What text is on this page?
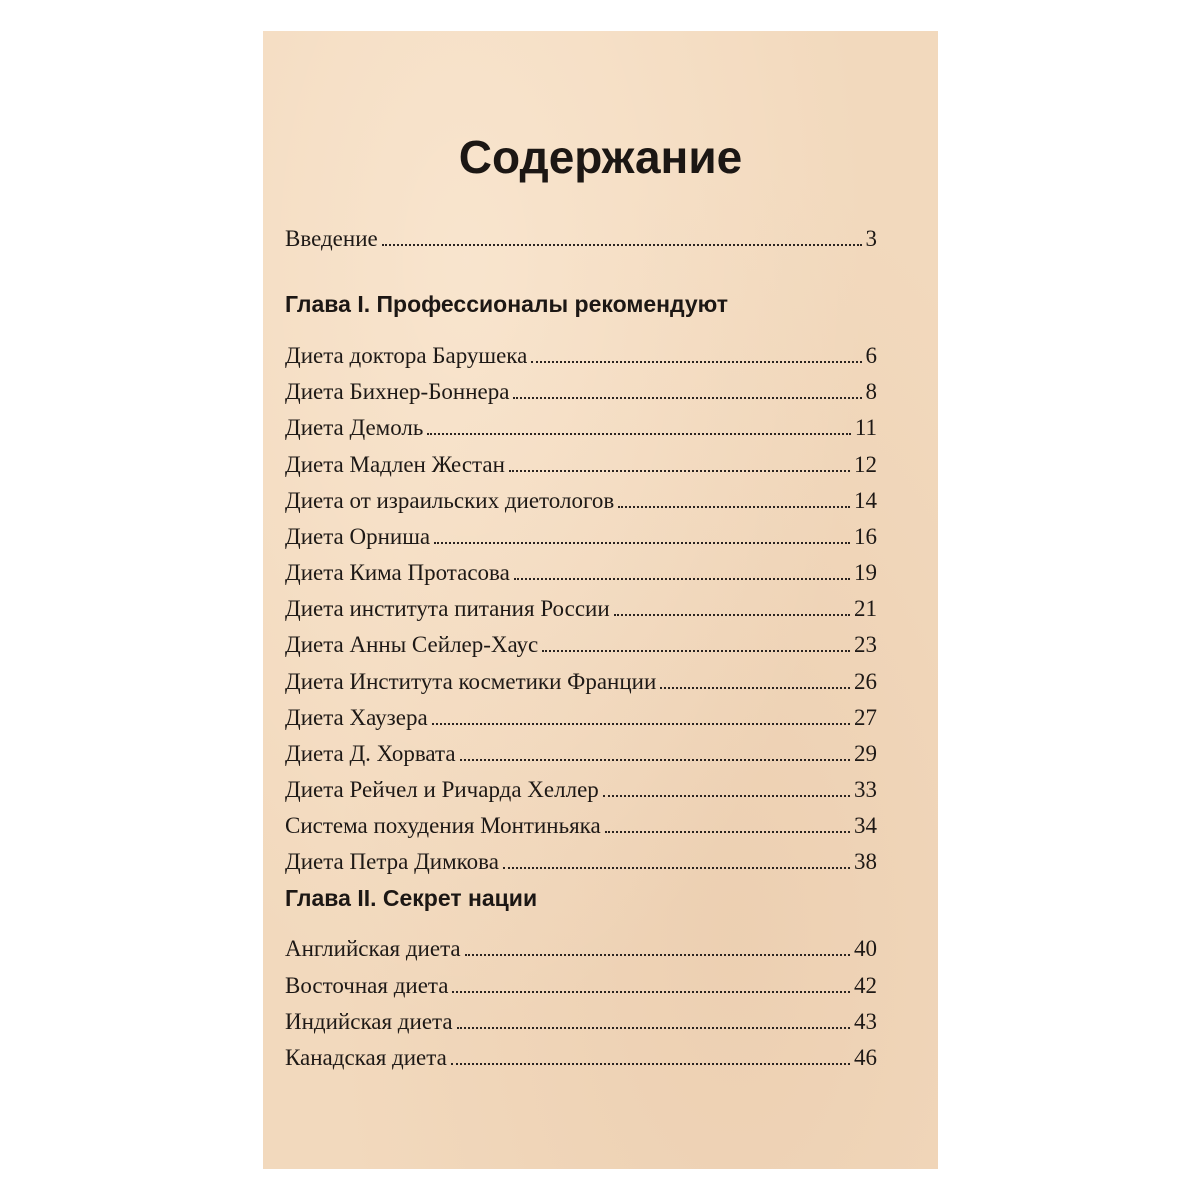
Содержание
Введение	3
Глава I. Профессионалы рекомендуют
Диета доктора Барушека	6
Диета Бихнер-Боннера	8
Диета Демоль	11
Диета Мадлен Жестан	12
Диета от израильских диетологов	14
Диета Орниша	16
Диета Кима Протасова	19
Диета института питания России	21
Диета Анны Сейлер-Хаус	23
Диета Института косметики Франции	26
Диета Хаузера	27
Диета Д. Хорвата	29
Диета Рейчел и Ричарда Хеллер	33
Система похудения Монтиньяка	34
Диета Петра Димкова	38
Глава II. Секрет нации
Английская диета	40
Восточная диета	42
Индийская диета	43
Канадская диета	46
